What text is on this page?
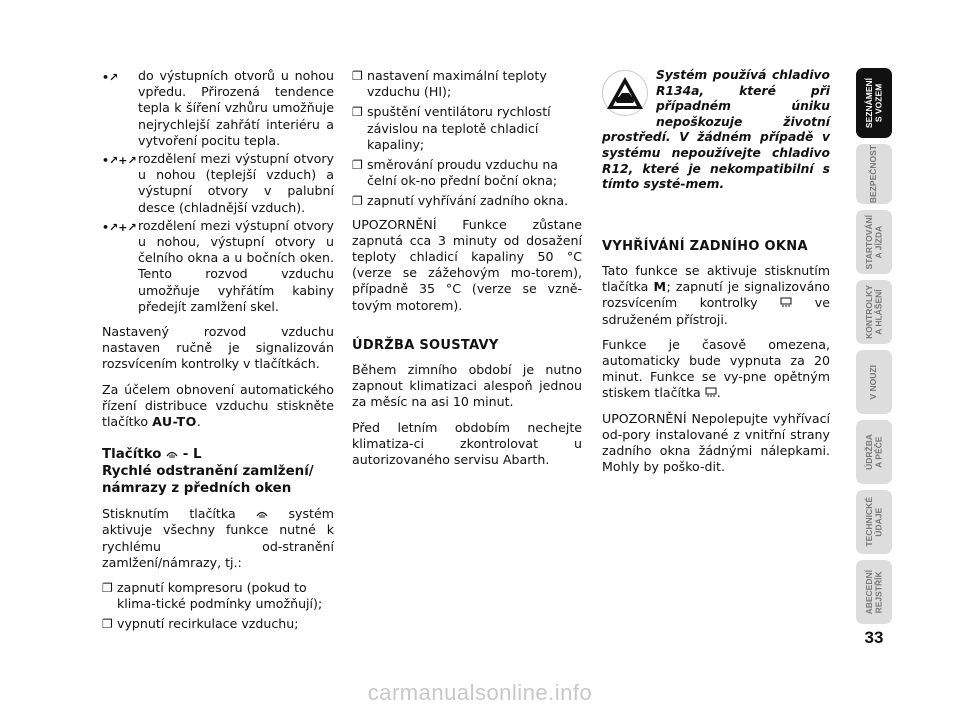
•↗	do výstupních otvorů u nohou vpředu. Přirozená tendence tepla k šíření vzhůru umožňuje nejrychlejší zahřátí interiéru a vytvoření pocitu tepla.
•↗+↗ rozdělení mezi výstupní otvory u nohou (teplejší vzduch) a výstupní otvory v palubní desce (chladnější vzduch).
•↗+↗ rozdělení mezi výstupní otvory u nohou, výstupní otvory u čelního okna a u bočních oken. Tento rozvod vzduchu umožňuje vyhřátím kabiny předejít zamlžení skel.

Nastavený rozvod vzduchu nastaven ručně je signalizován rozsvícením kontrolky v tlačítkách.

Za účelem obnovení automatického řízení distribuce vzduchu stiskněte tlačítko AU-TO.

Tlačítko  - L
Rychlé odstranění zamlžení/
námrazy z předních oken

Stisknutím tlačítka  systém aktivuje všechny funkce nutné k rychlému od-stranění zamlžení/námrazy, tj.:

❐ zapnutí kompresoru (pokud to klima-tické podmínky umožňují);
❐ vypnutí recirkulace vzduchu;
❐ nastavení maximální teploty vzduchu (HI);
❐ spuštění ventilátoru rychlostí závislou na teplotě chladicí kapaliny;
❐ směrování proudu vzduchu na čelní ok-no přední boční okna;
❐ zapnutí vyhřívání zadního okna.

UPOZORNĚNÍ Funkce zůstane zapnutá cca 3 minuty od dosažení teploty chladicí kapaliny 50 °C (verze se zážehovým mo-torem), případně 35 °C (verze se vzně-tovým motorem).

ÚDRŽBA SOUSTAVY

Během zimního období je nutno zapnout klimatizaci alespoň jednou za měsíc na asi 10 minut.

Před letním obdobím nechejte klimatiza-ci zkontrolovat u autorizovaného servisu Abarth.

Systém používá chladivo R134a, které při případném úniku nepoškozuje životní prostředí. V žádném případě v systému nepoužívejte chladivo R12, které je nekompatibilní s tímto systé-mem.
VYHŘÍVÁNÍ ZADNÍHO OKNA

Tato funkce se aktivuje stisknutím tlačítka M; zapnutí je signalizováno rozsvícením kontrolky  ve sdruženém přístroji.

Funkce je časově omezena, automaticky bude vypnuta za 20 minut. Funkce se vy-pne opětným stiskem tlačítka .

UPOZORNĚNÍ Nepolepujte vyhřívací od-pory instalované z vnitřní strany zadního okna žádnými nálepkami. Mohly by poško-dit.

SEZNÁMENÍ
S VOZEM
BEZPEČNOST
STARTOVÁNÍ
A JÍZDA
KONTROLKY
A HLÁŠENÍ
V NOUZI
ÚDRŽBA
A PÉČE
TECHNICKÉ
ÚDAJE
ABECEDNÍ
REJSTŘÍK
33
carmanualsonline.info
